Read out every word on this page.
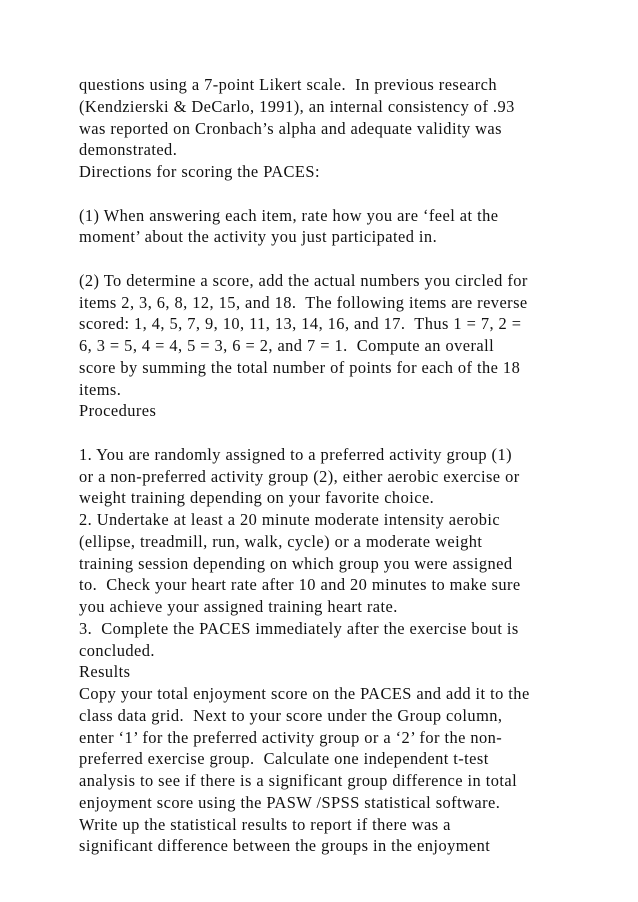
questions using a 7-point Likert scale.  In previous research
(Kendzierski & DeCarlo, 1991), an internal consistency of .93
was reported on Cronbach’s alpha and adequate validity was
demonstrated.
Directions for scoring the PACES:
(1) When answering each item, rate how you are ‘feel at the
moment’ about the activity you just participated in.
(2) To determine a score, add the actual numbers you circled for
items 2, 3, 6, 8, 12, 15, and 18.  The following items are reverse
scored: 1, 4, 5, 7, 9, 10, 11, 13, 14, 16, and 17.  Thus 1 = 7, 2 =
6, 3 = 5, 4 = 4, 5 = 3, 6 = 2, and 7 = 1.  Compute an overall
score by summing the total number of points for each of the 18
items.
Procedures
1. You are randomly assigned to a preferred activity group (1)
or a non-preferred activity group (2), either aerobic exercise or
weight training depending on your favorite choice.
2. Undertake at least a 20 minute moderate intensity aerobic
(ellipse, treadmill, run, walk, cycle) or a moderate weight
training session depending on which group you were assigned
to.  Check your heart rate after 10 and 20 minutes to make sure
you achieve your assigned training heart rate.
3.  Complete the PACES immediately after the exercise bout is
concluded.
Results
Copy your total enjoyment score on the PACES and add it to the
class data grid.  Next to your score under the Group column,
enter ‘1’ for the preferred activity group or a ‘2’ for the non-
preferred exercise group.  Calculate one independent t-test
analysis to see if there is a significant group difference in total
enjoyment score using the PASW /SPSS statistical software.
Write up the statistical results to report if there was a
significant difference between the groups in the enjoyment
